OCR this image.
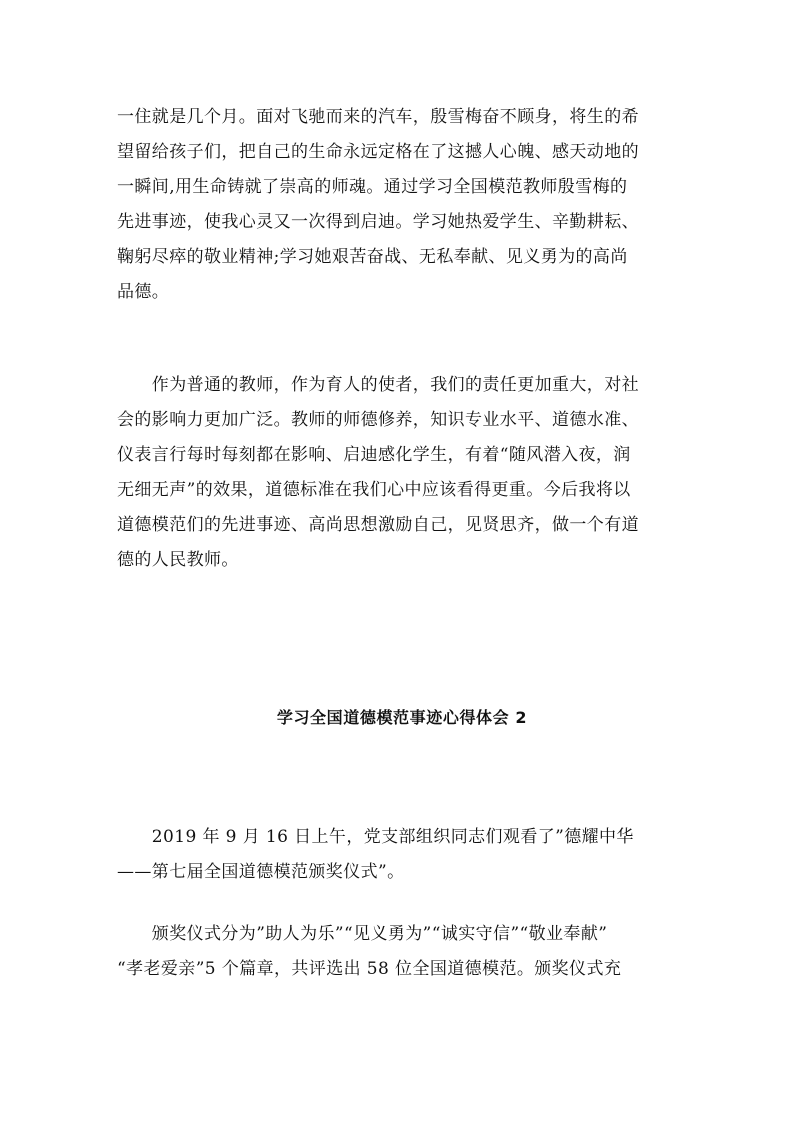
一住就是几个月。面对飞驰而来的汽车，殷雪梅奋不顾身，将生的希
望留给孩子们，把自己的生命永远定格在了这撼人心魄、感天动地的
一瞬间,用生命铸就了崇高的师魂。通过学习全国模范教师殷雪梅的
先进事迹，使我心灵又一次得到启迪。学习她热爱学生、辛勤耕耘、
鞠躬尽瘁的敬业精神;学习她艰苦奋战、无私奉献、见义勇为的高尚
品德。
　　作为普通的教师，作为育人的使者，我们的责任更加重大，对社
会的影响力更加广泛。教师的师德修养，知识专业水平、道德水准、
仪表言行每时每刻都在影响、启迪感化学生，有着“随风潜入夜，润
无细无声”的效果，道德标准在我们心中应该看得更重。今后我将以
道德模范们的先进事迹、高尚思想激励自己，见贤思齐，做一个有道
德的人民教师。
学习全国道德模范事迹心得体会 2
　　2019 年 9 月 16 日上午，党支部组织同志们观看了”德耀中华
——第七届全国道德模范颁奖仪式”。
　　颁奖仪式分为”助人为乐”“见义勇为”“诚实守信”“敬业奉献”
“孝老爱亲”5 个篇章，共评选出 58 位全国道德模范。颁奖仪式充
